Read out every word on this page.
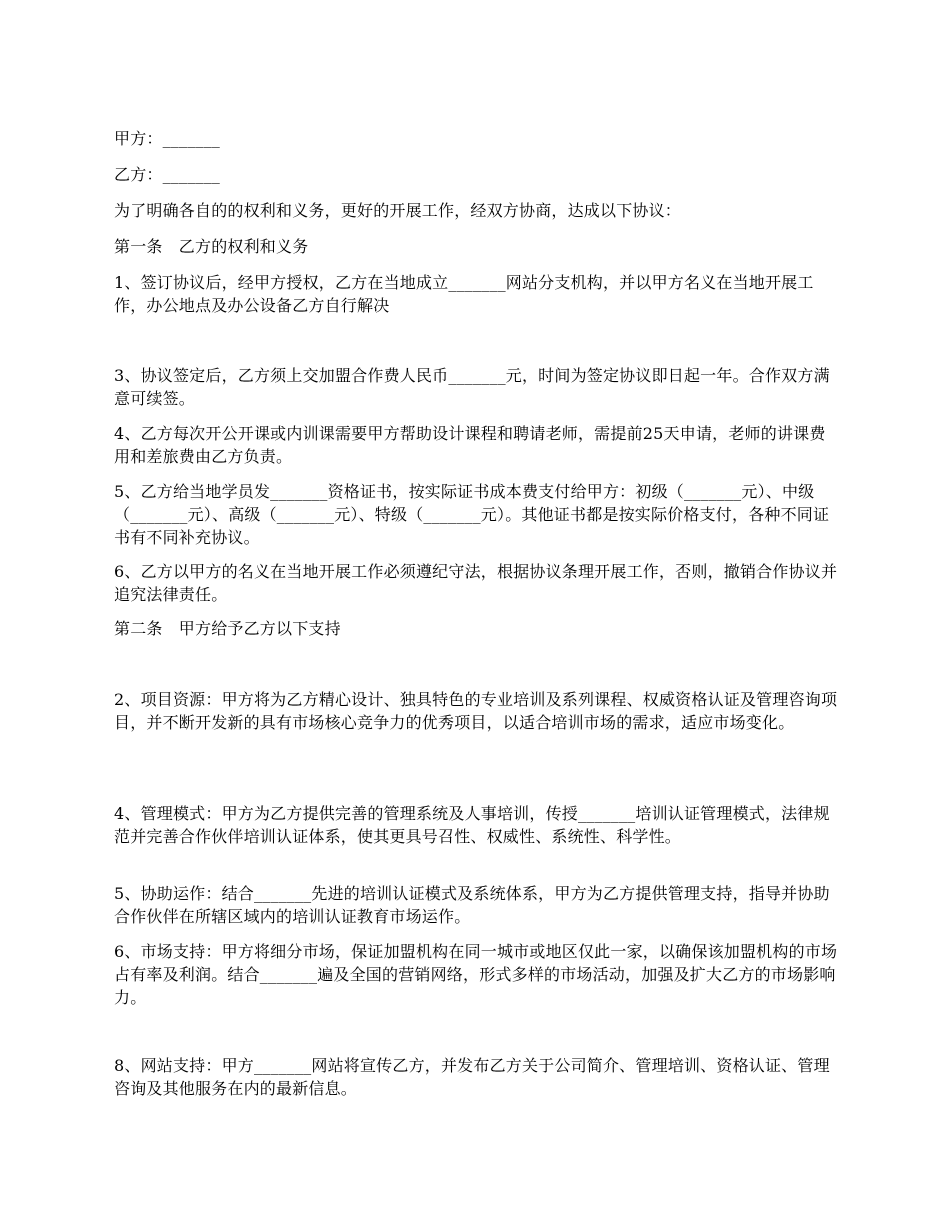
甲方：_______

乙方：_______

为了明确各自的的权利和义务，更好的开展工作，经双方协商，达成以下协议：

第一条　乙方的权利和义务

1、签订协议后，经甲方授权，乙方在当地成立_______网站分支机构，并以甲方名义在当地开展工作，办公地点及办公设备乙方自行解决

3、协议签定后，乙方须上交加盟合作费人民币_______元，时间为签定协议即日起一年。合作双方满意可续签。

4、乙方每次开公开课或内训课需要甲方帮助设计课程和聘请老师，需提前25天申请，老师的讲课费用和差旅费由乙方负责。

5、乙方给当地学员发_______资格证书，按实际证书成本费支付给甲方：初级（_______元）、中级（_______元）、高级（_______元）、特级（_______元）。其他证书都是按实际价格支付，各种不同证书有不同补充协议。

6、乙方以甲方的名义在当地开展工作必须遵纪守法，根据协议条理开展工作，否则，撤销合作协议并追究法律责任。

第二条　甲方给予乙方以下支持

2、项目资源：甲方将为乙方精心设计、独具特色的专业培训及系列课程、权威资格认证及管理咨询项目，并不断开发新的具有市场核心竞争力的优秀项目，以适合培训市场的需求，适应市场变化。

4、管理模式：甲方为乙方提供完善的管理系统及人事培训，传授_______培训认证管理模式，法律规范并完善合作伙伴培训认证体系，使其更具号召性、权威性、系统性、科学性。

5、协助运作：结合_______先进的培训认证模式及系统体系，甲方为乙方提供管理支持，指导并协助合作伙伴在所辖区域内的培训认证教育市场运作。

6、市场支持：甲方将细分市场，保证加盟机构在同一城市或地区仅此一家，以确保该加盟机构的市场占有率及利润。结合_______遍及全国的营销网络，形式多样的市场活动，加强及扩大乙方的市场影响力。

8、网站支持：甲方_______网站将宣传乙方，并发布乙方关于公司简介、管理培训、资格认证、管理咨询及其他服务在内的最新信息。
